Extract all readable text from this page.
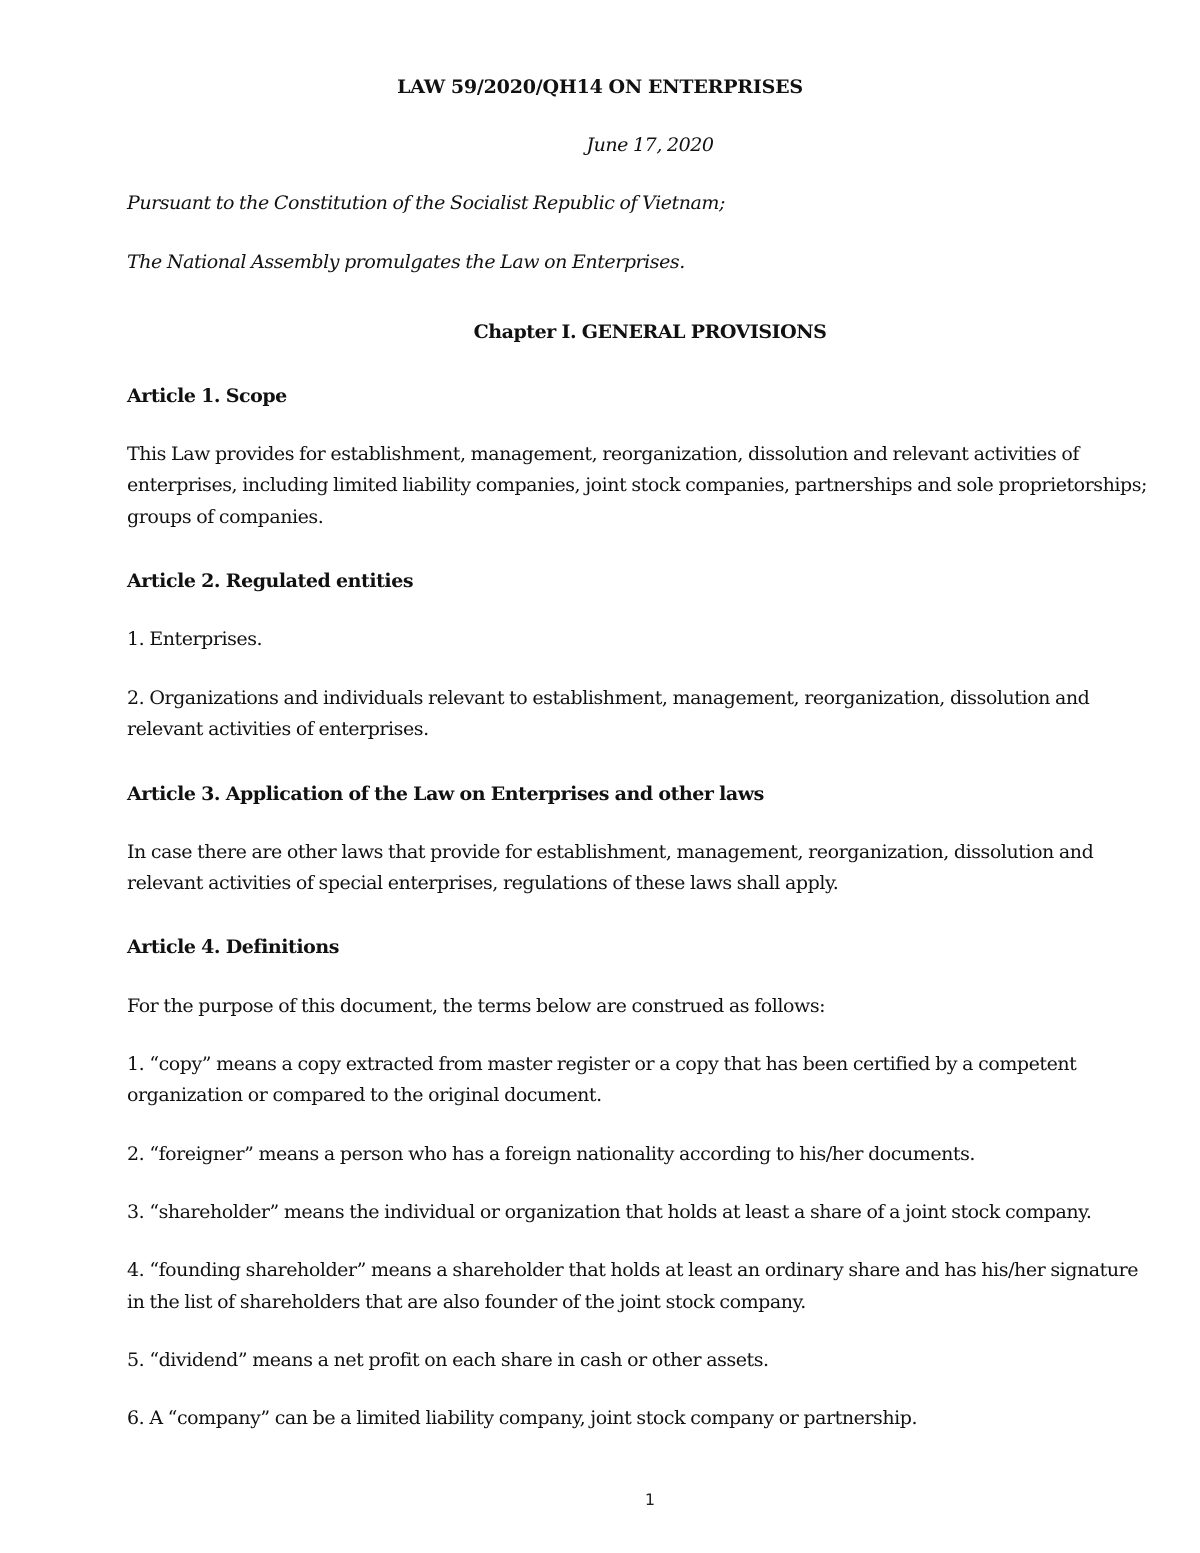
LAW 59/2020/QH14 ON ENTERPRISES
June 17, 2020
Pursuant to the Constitution of the Socialist Republic of Vietnam;
The National Assembly promulgates the Law on Enterprises.
Chapter I. GENERAL PROVISIONS
Article 1. Scope
This Law provides for establishment, management, reorganization, dissolution and relevant activities of
enterprises, including limited liability companies, joint stock companies, partnerships and sole proprietorships;
groups of companies.
Article 2. Regulated entities
1. Enterprises.
2. Organizations and individuals relevant to establishment, management, reorganization, dissolution and
relevant activities of enterprises.
Article 3. Application of the Law on Enterprises and other laws
In case there are other laws that provide for establishment, management, reorganization, dissolution and
relevant activities of special enterprises, regulations of these laws shall apply.
Article 4. Definitions
For the purpose of this document, the terms below are construed as follows:
1. “copy” means a copy extracted from master register or a copy that has been certified by a competent
organization or compared to the original document.
2. “foreigner” means a person who has a foreign nationality according to his/her documents.
3. “shareholder” means the individual or organization that holds at least a share of a joint stock company.
4. “founding shareholder” means a shareholder that holds at least an ordinary share and has his/her signature
in the list of shareholders that are also founder of the joint stock company.
5. “dividend” means a net profit on each share in cash or other assets.
6. A “company” can be a limited liability company, joint stock company or partnership.
1
